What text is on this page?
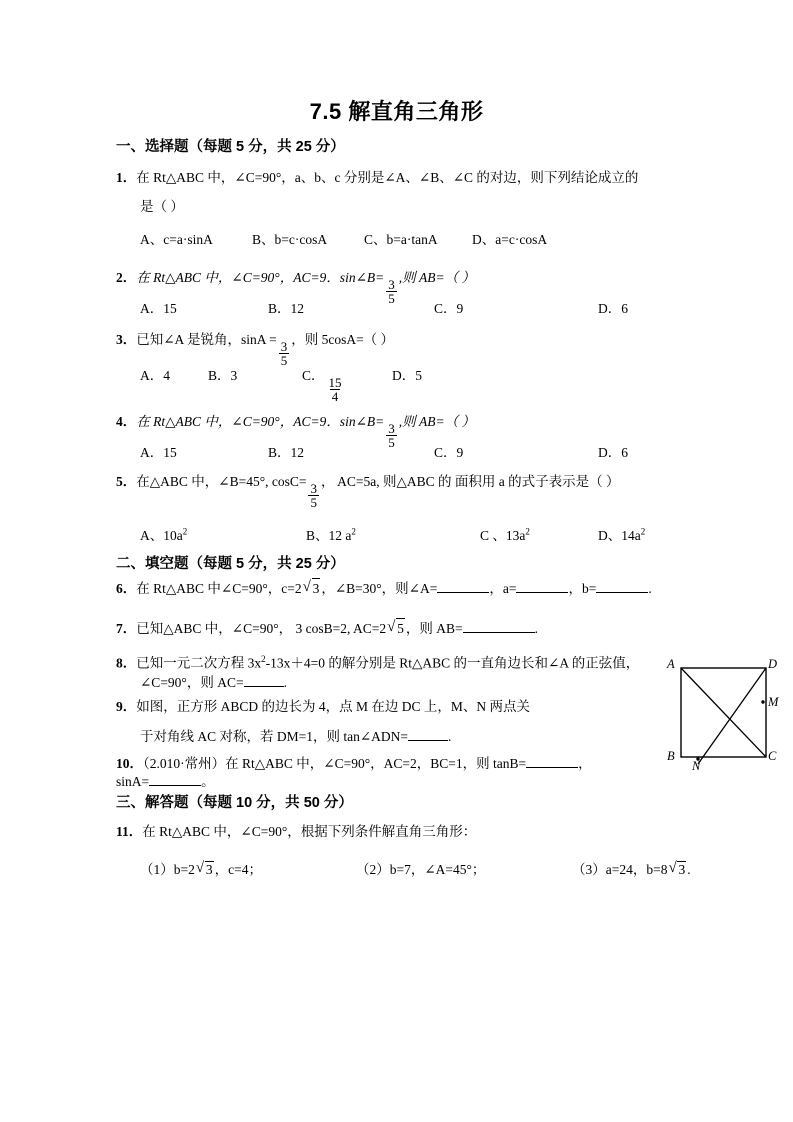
7.5 解直角三角形
一、选择题（每题 5 分，共 25 分）
1．在 Rt△ABC 中，∠C=90°，a、b、c 分别是∠A、∠B、∠C 的对边，则下列结论成立的
是（ ）
A、c=a·sinA	B、b=c·cosA	C、b=a·tanA	D、a=c·cosA
2．在 Rt△ABC 中，∠C=90°，AC=9．sin∠B=
$\frac{3}{5}$
,则 AB=（ ）
A．15	B．12	C．9	D．6
3．已知∠A 是锐角，sinA =
$\frac{3}{5}$
，则 5cosA=（ ）
A．4	B．3	C．
$\frac{15}{4}$
D．5
4．在 Rt△ABC 中，∠C=90°，AC=9．sin∠B=
$\frac{3}{5}$
,则 AB=（ ）
A．15	B．12	C．9	D．6
5．在△ABC 中，∠B=45°, cosC=
$\frac{3}{5}$
， AC=5a, 则△ABC 的 面积用 a 的式子表示是（ ）
A、$10a^2$	B、12 $a^2$	C 、$13a^2$	D、$14a^2$
二、填空题（每题 5 分，共 25 分）
6．在 Rt△ABC 中∠C=90°，c=2 √ 3 ，∠B=30°，则∠A=	，a=	，b=	.
7．已知△ABC 中，∠C=90°， 3 cosB=2, AC=2 √ 5 ，则 AB=	.
8．已知一元二次方程 $3x^2-13x+4=0$ 的解分别是 Rt△ABC 的一直角边长和∠A 的正弦值，
∠C=90°，则 AC=	.
9．如图，正方形 ABCD 的边长为 4，点 M 在边 DC 上，M、N 两点关
于对角线 AC 对称，若 DM=1，则 tan∠ADN=	.
10．（2.010·常州）在 Rt△ABC 中，∠C=90°，AC=2，BC=1，则 tanB=	，
sinA=	。
A	D
B	C
M
N
三、解答题（每题 10 分，共 50 分）
11．在 Rt△ABC 中，∠C=90°，根据下列条件解直角三角形：
（1）b=2 √ 3 ，c=4；	（2）b=7，∠A=45°；	（3）a=24，b=8 √ 3 .
